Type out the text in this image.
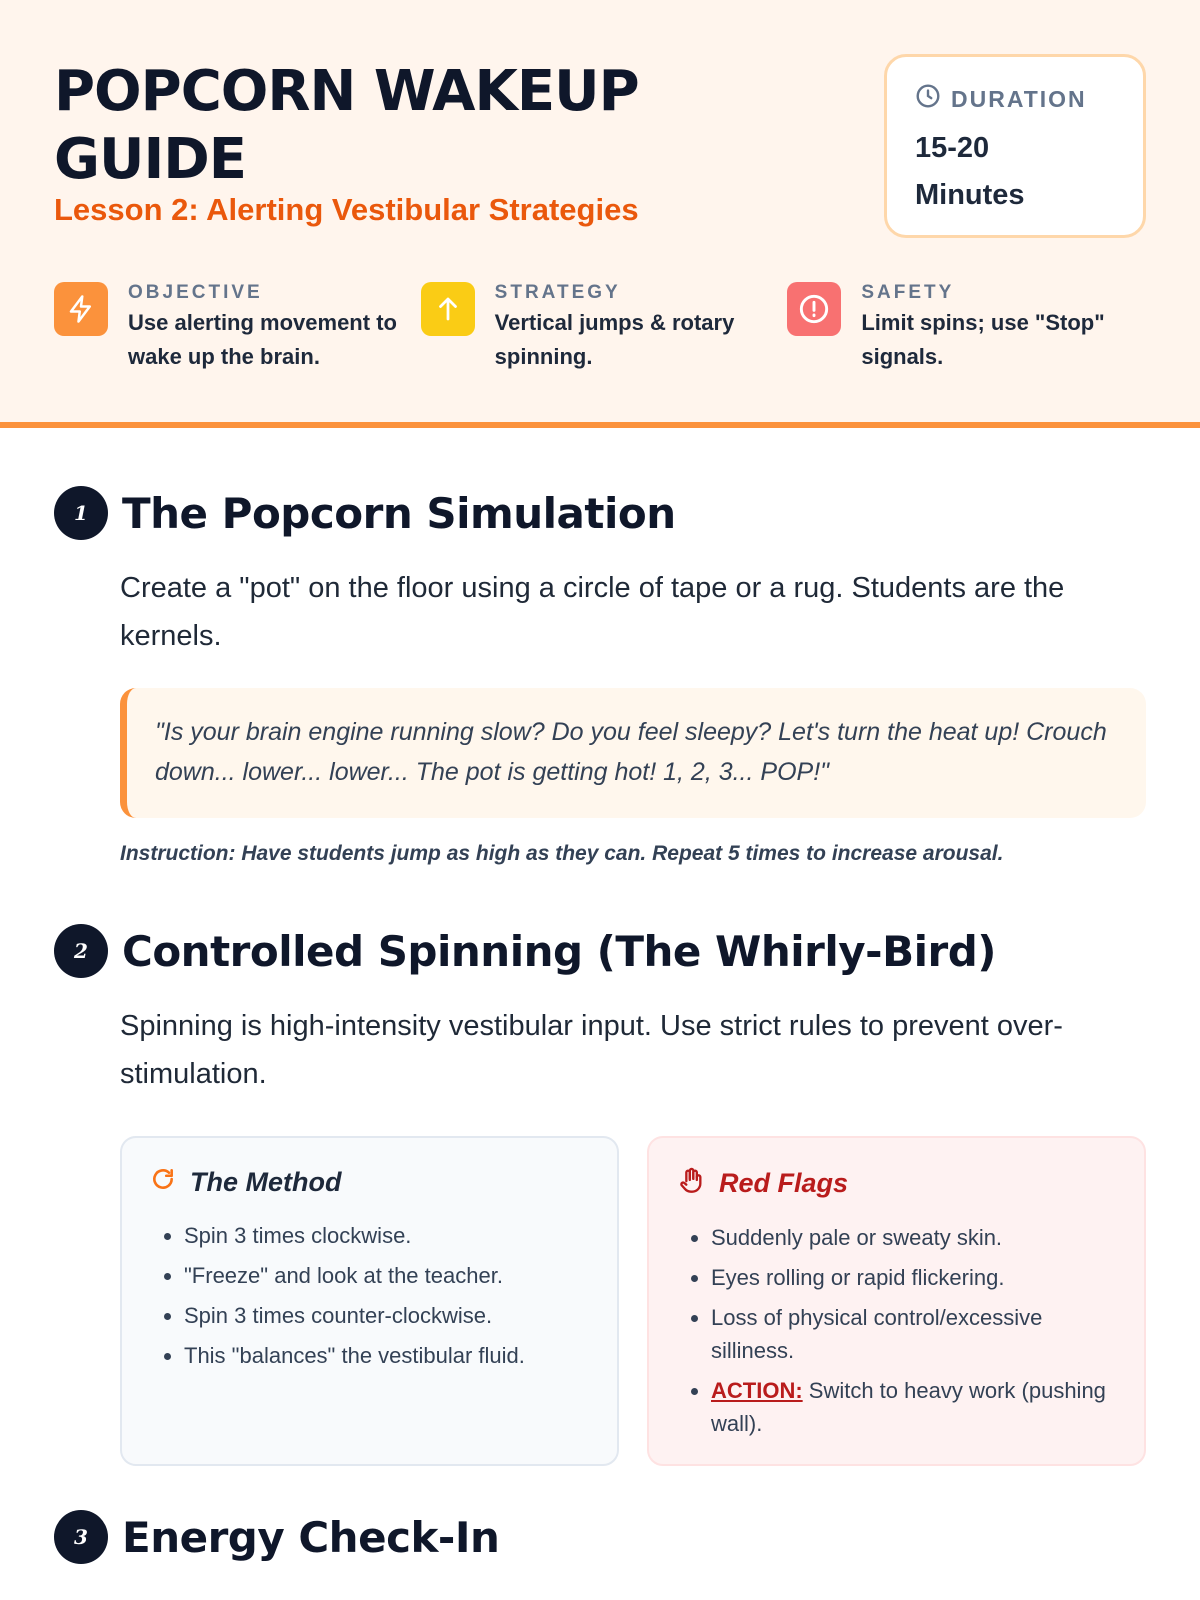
POPCORN WAKEUP GUIDE
Lesson 2: Alerting Vestibular Strategies
DURATION
15-20 Minutes
OBJECTIVE
Use alerting movement to wake up the brain.
STRATEGY
Vertical jumps & rotary spinning.
SAFETY
Limit spins; use "Stop" signals.
1 The Popcorn Simulation
Create a "pot" on the floor using a circle of tape or a rug. Students are the kernels.
"Is your brain engine running slow? Do you feel sleepy? Let's turn the heat up! Crouch down... lower... lower... The pot is getting hot! 1, 2, 3... POP!"
Instruction: Have students jump as high as they can. Repeat 5 times to increase arousal.
2 Controlled Spinning (The Whirly-Bird)
Spinning is high-intensity vestibular input. Use strict rules to prevent over-stimulation.
The Method
• Spin 3 times clockwise.
• "Freeze" and look at the teacher.
• Spin 3 times counter-clockwise.
• This "balances" the vestibular fluid.
Red Flags
• Suddenly pale or sweaty skin.
• Eyes rolling or rapid flickering.
• Loss of physical control/excessive silliness.
• ACTION: Switch to heavy work (pushing wall).
3 Energy Check-In
